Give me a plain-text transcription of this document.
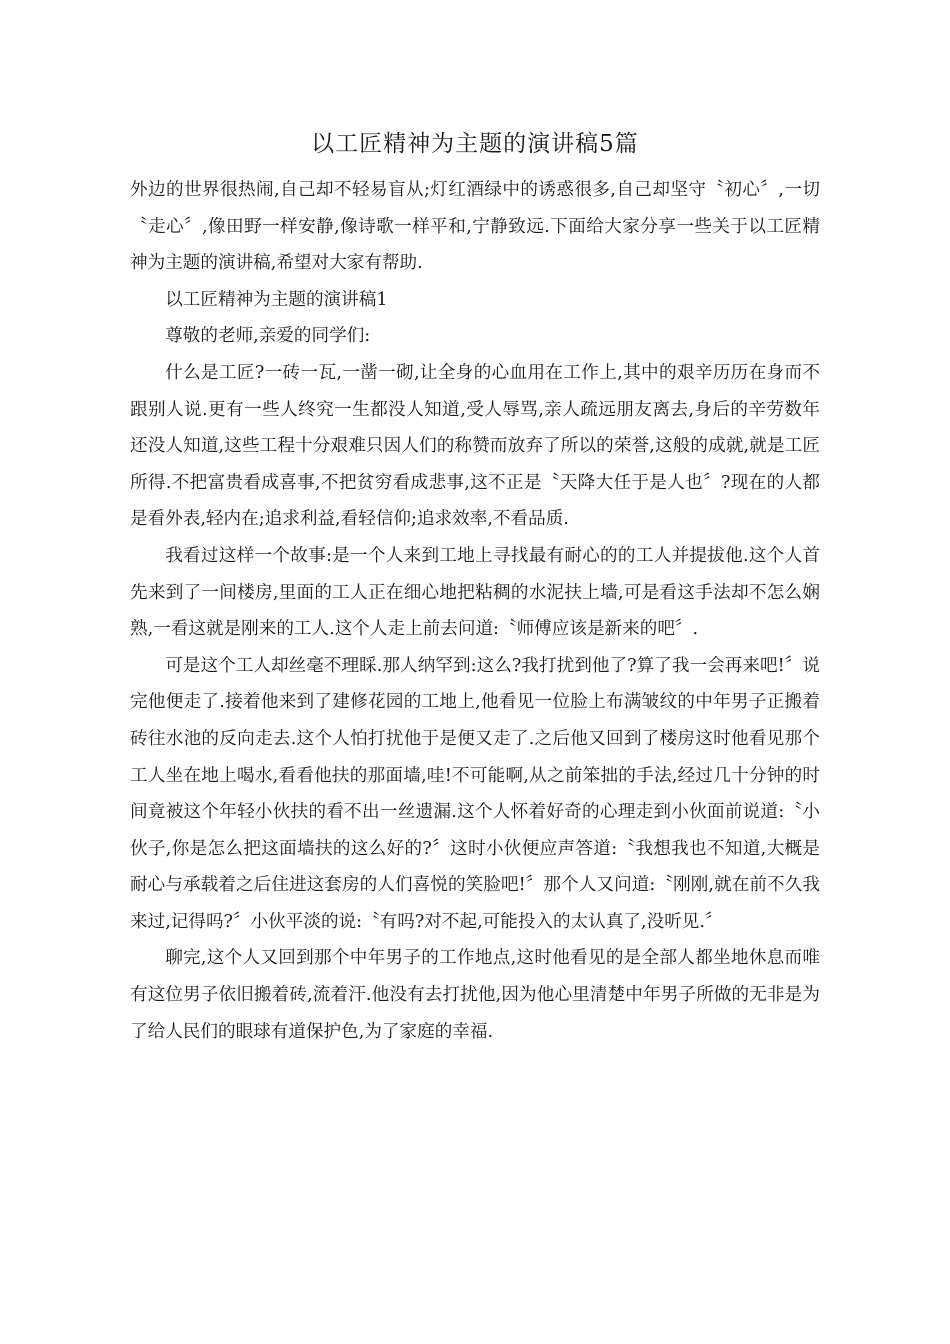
以工匠精神为主题的演讲稿5篇

外边的世界很热闹,自己却不轻易盲从;灯红酒绿中的诱惑很多,自己却坚守〝初心〞,一切〝走心〞,像田野一样安静,像诗歌一样平和,宁静致远.下面给大家分享一些关于以工匠精神为主题的演讲稿,希望对大家有帮助.

以工匠精神为主题的演讲稿1

尊敬的老师,亲爱的同学们:

什么是工匠?一砖一瓦,一凿一砌,让全身的心血用在工作上,其中的艰辛历历在身而不跟别人说.更有一些人终究一生都没人知道,受人辱骂,亲人疏远朋友离去,身后的辛劳数年还没人知道,这些工程十分艰难只因人们的称赞而放弃了所以的荣誉,这般的成就,就是工匠所得.不把富贵看成喜事,不把贫穷看成悲事,这不正是〝天降大任于是人也〞?现在的人都是看外表,轻内在;追求利益,看轻信仰;追求效率,不看品质.

我看过这样一个故事:是一个人来到工地上寻找最有耐心的的工人并提拔他.这个人首先来到了一间楼房,里面的工人正在细心地把粘稠的水泥扶上墙,可是看这手法却不怎么娴熟,一看这就是刚来的工人.这个人走上前去问道:〝师傅应该是新来的吧〞.

可是这个工人却丝毫不理睬.那人纳罕到:这么?我打扰到他了?算了我一会再来吧!〞说完他便走了.接着他来到了建修花园的工地上,他看见一位脸上布满皱纹的中年男子正搬着砖往水池的反向走去.这个人怕打扰他于是便又走了.之后他又回到了楼房这时他看见那个工人坐在地上喝水,看看他扶的那面墙,哇!不可能啊,从之前笨拙的手法,经过几十分钟的时间竟被这个年轻小伙扶的看不出一丝遗漏.这个人怀着好奇的心理走到小伙面前说道:〝小伙子,你是怎么把这面墙扶的这么好的?〞这时小伙便应声答道:〝我想我也不知道,大概是耐心与承载着之后住进这套房的人们喜悦的笑脸吧!〞那个人又问道:〝刚刚,就在前不久我来过,记得吗?〞小伙平淡的说:〝有吗?对不起,可能投入的太认真了,没听见.〞

聊完,这个人又回到那个中年男子的工作地点,这时他看见的是全部人都坐地休息而唯有这位男子依旧搬着砖,流着汗.他没有去打扰他,因为他心里清楚中年男子所做的无非是为了给人民们的眼球有道保护色,为了家庭的幸福.
